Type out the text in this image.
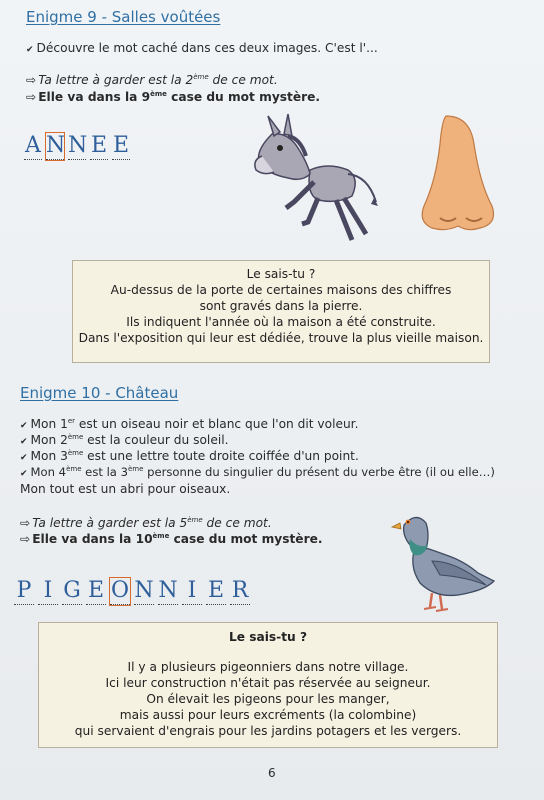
Enigme 9 - Salles voûtées
✔ Découvre le mot caché dans ces deux images. C'est l'...
⇨ Ta lettre à garder est la 2ème de ce mot.
⇨ Elle va dans la 9ème case du mot mystère.
A N N E E
Le sais-tu ?
Au-dessus de la porte de certaines maisons des chiffres
sont gravés dans la pierre.
Ils indiquent l'année où la maison a été construite.
Dans l'exposition qui leur est dédiée, trouve la plus vieille maison.
Enigme 10 - Château
✔ Mon 1er est un oiseau noir et blanc que l'on dit voleur.
✔ Mon 2ème est la couleur du soleil.
✔ Mon 3ème est une lettre toute droite coiffée d'un point.
✔ Mon 4ème est la 3ème personne du singulier du présent du verbe être (il ou elle…)
Mon tout est un abri pour oiseaux.
⇨ Ta lettre à garder est la 5ème de ce mot.
⇨ Elle va dans la 10ème case du mot mystère.
P I G E O N N I E R
Le sais-tu ?
Il y a plusieurs pigeonniers dans notre village.
Ici leur construction n'était pas réservée au seigneur.
On élevait les pigeons pour les manger,
mais aussi pour leurs excréments (la colombine)
qui servaient d'engrais pour les jardins potagers et les vergers.
6
